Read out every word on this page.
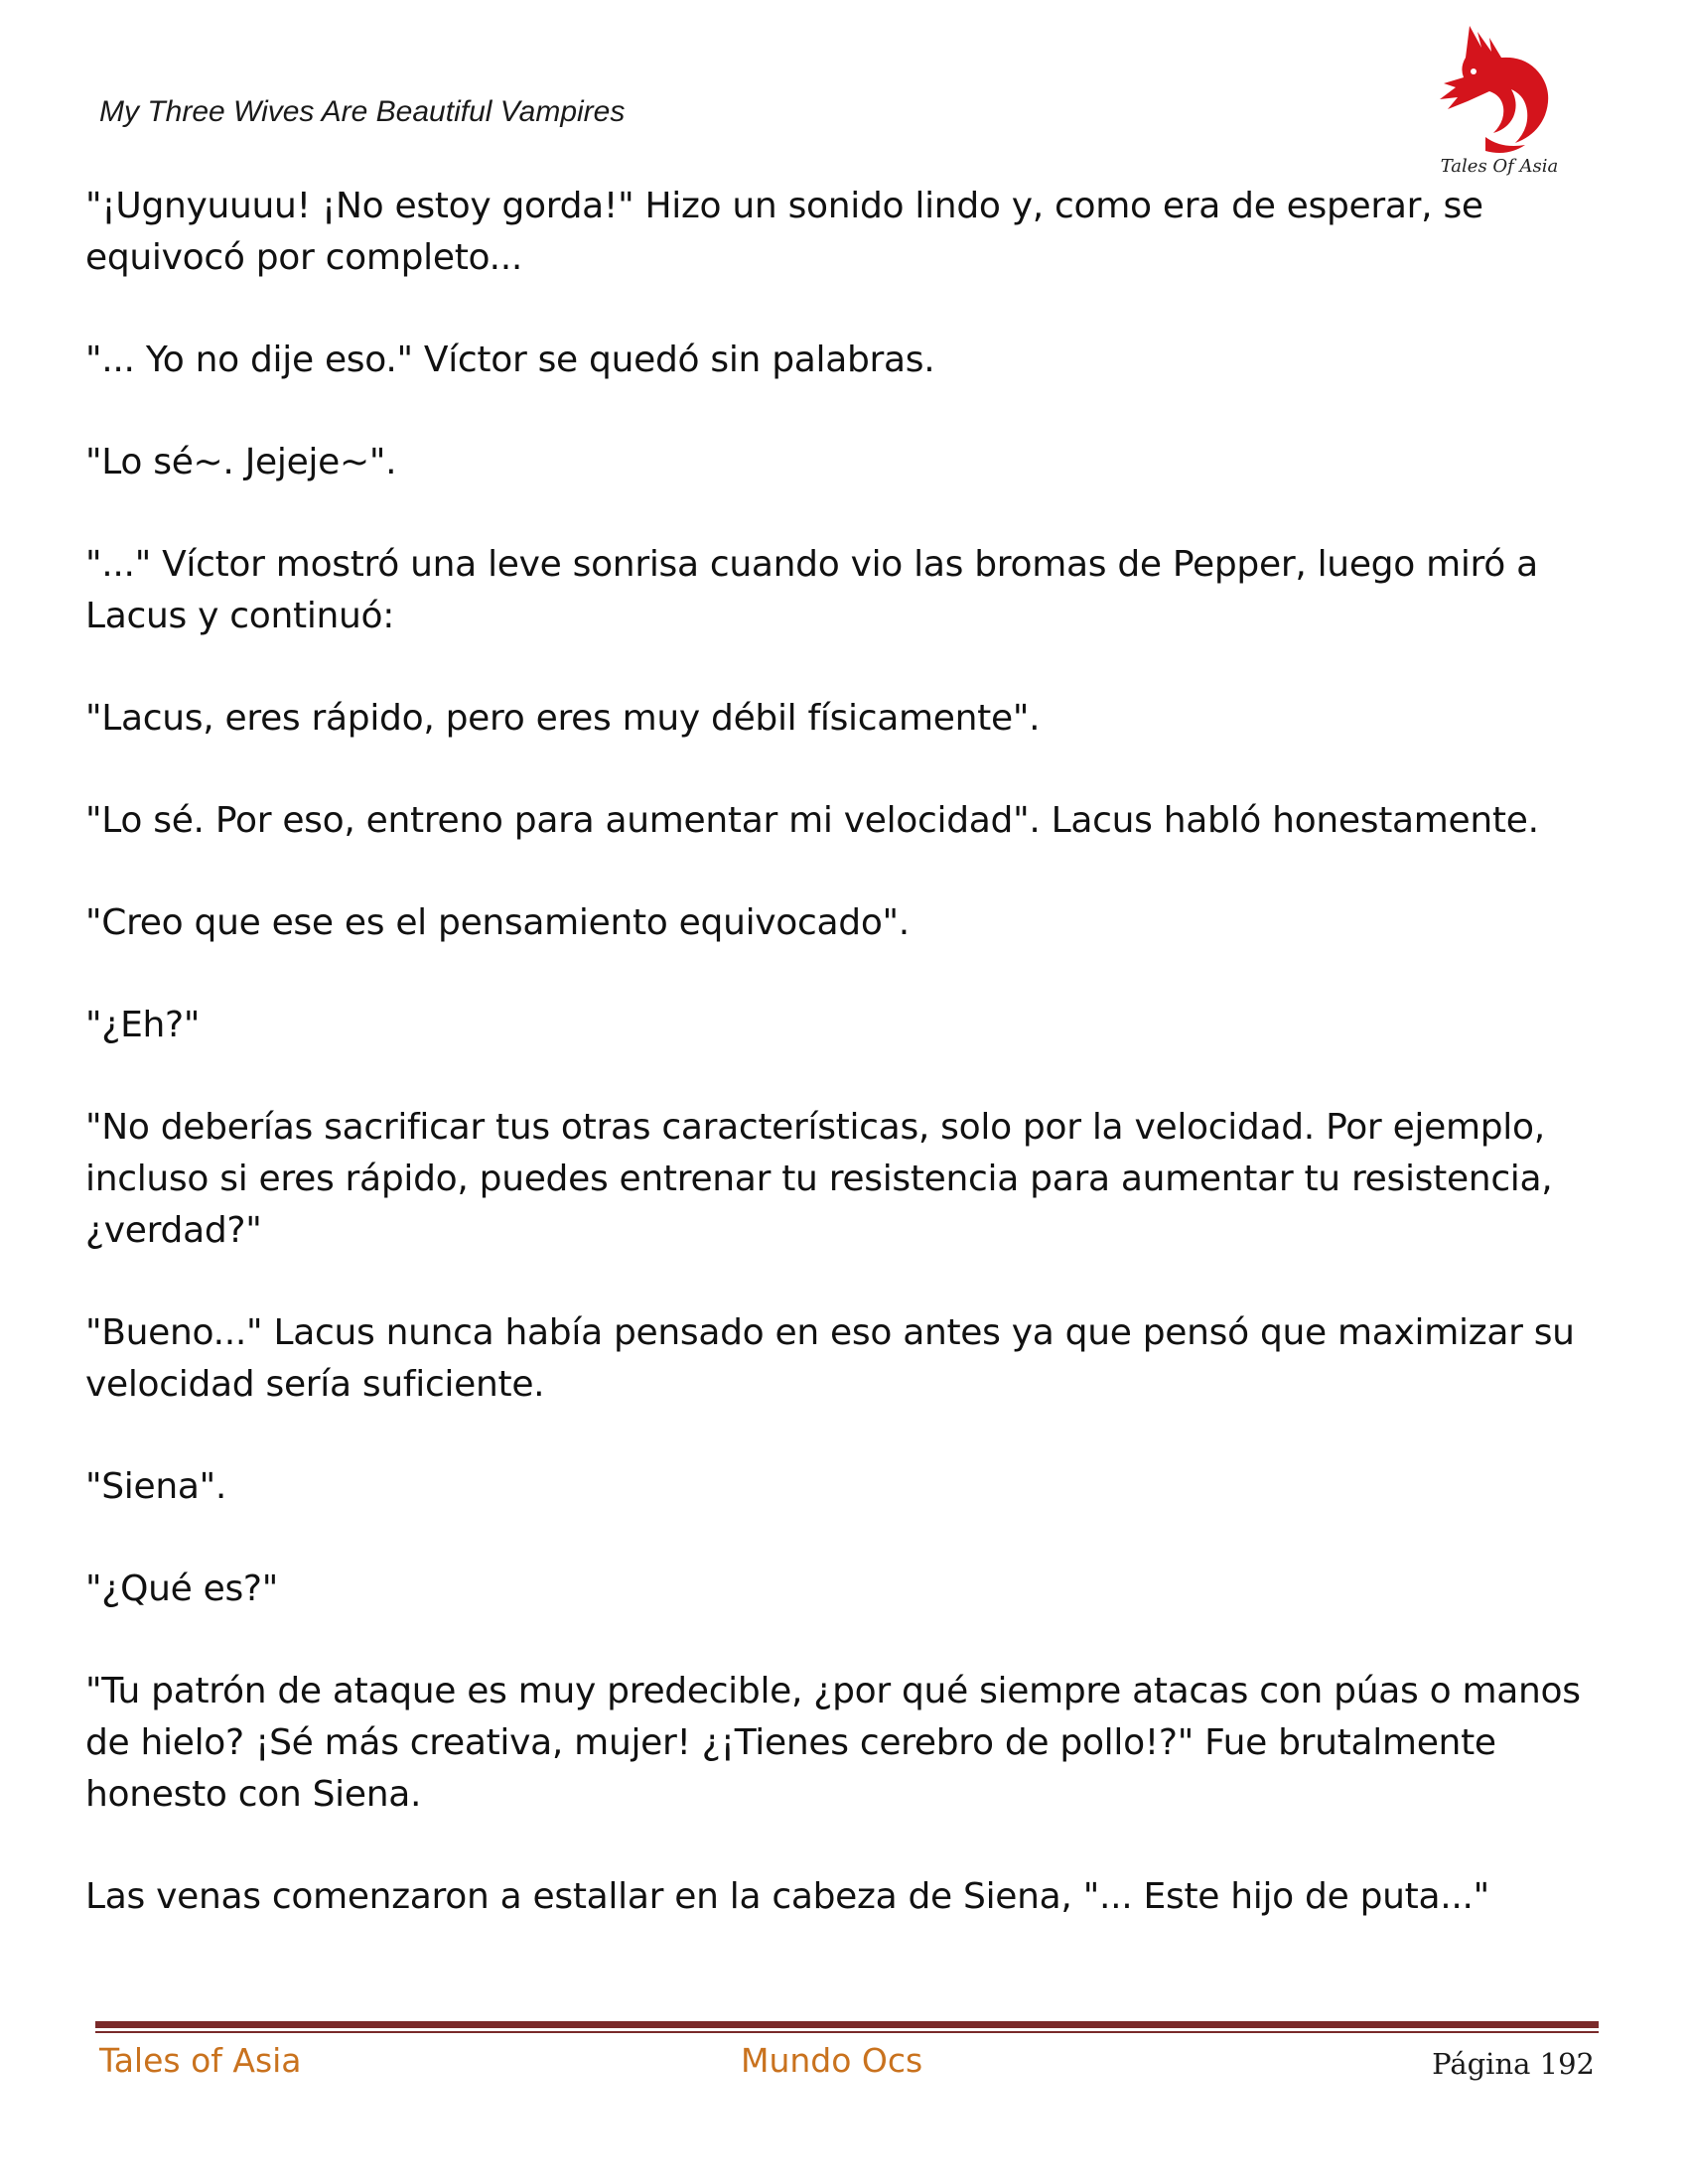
My Three Wives Are Beautiful Vampires
Tales Of Asia

"¡Ugnyuuuu! ¡No estoy gorda!" Hizo un sonido lindo y, como era de esperar, se equivocó por completo...

"... Yo no dije eso." Víctor se quedó sin palabras.

"Lo sé~. Jejeje~".

"..." Víctor mostró una leve sonrisa cuando vio las bromas de Pepper, luego miró a Lacus y continuó:

"Lacus, eres rápido, pero eres muy débil físicamente".

"Lo sé. Por eso, entreno para aumentar mi velocidad". Lacus habló honestamente.

"Creo que ese es el pensamiento equivocado".

"¿Eh?"

"No deberías sacrificar tus otras características, solo por la velocidad. Por ejemplo, incluso si eres rápido, puedes entrenar tu resistencia para aumentar tu resistencia, ¿verdad?"

"Bueno..." Lacus nunca había pensado en eso antes ya que pensó que maximizar su velocidad sería suficiente.

"Siena".

"¿Qué es?"

"Tu patrón de ataque es muy predecible, ¿por qué siempre atacas con púas o manos de hielo? ¡Sé más creativa, mujer! ¿¡Tienes cerebro de pollo!?" Fue brutalmente honesto con Siena.

Las venas comenzaron a estallar en la cabeza de Siena, "... Este hijo de puta..."

Tales of Asia	Mundo Ocs	Página 192
